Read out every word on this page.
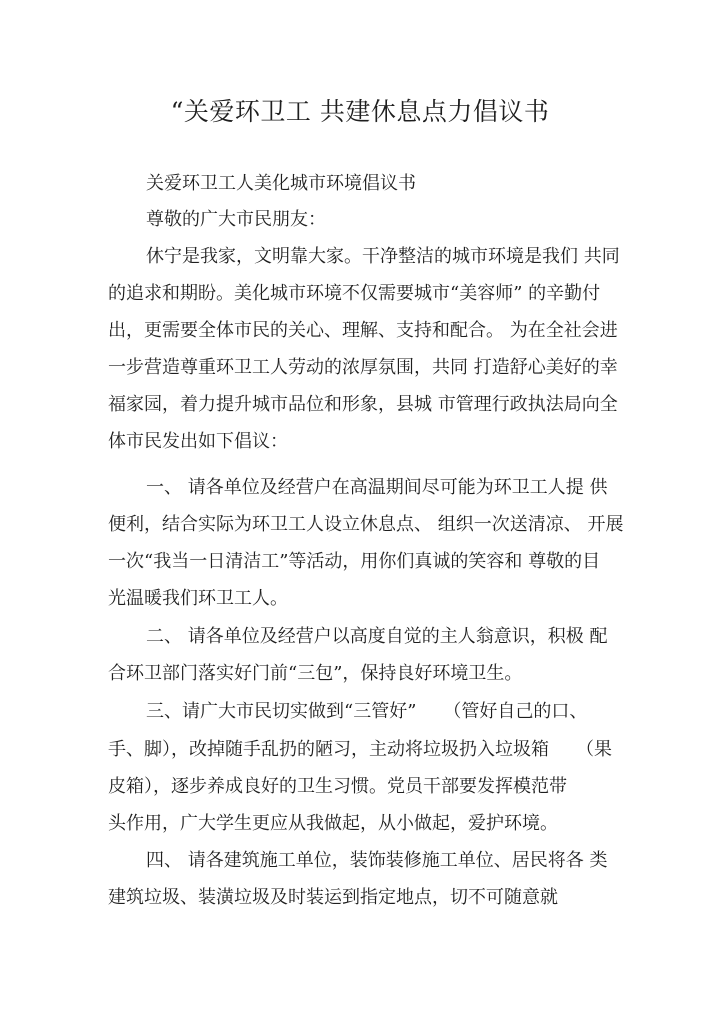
“关爱环卫工 共建休息点力倡议书
关爱环卫工人美化城市环境倡议书
尊敬的广大市民朋友：
休宁是我家，文明靠大家。干净整洁的城市环境是我们 共同
的追求和期盼。美化城市环境不仅需要城市“美容师” 的辛勤付
出，更需要全体市民的关心、理解、支持和配合。 为在全社会进
一步营造尊重环卫工人劳动的浓厚氛围，共同 打造舒心美好的幸
福家园，着力提升城市品位和形象，县城 市管理行政执法局向全
体市民发出如下倡议：
一、 请各单位及经营户在高温期间尽可能为环卫工人提 供
便利，结合实际为环卫工人设立休息点、 组织一次送清凉、 开展
一次“我当一日清洁工”等活动，用你们真诚的笑容和 尊敬的目
光温暖我们环卫工人。
二、 请各单位及经营户以高度自觉的主人翁意识，积极 配
合环卫部门落实好门前“三包”，保持良好环境卫生。
三、请广大市民切实做到“三管好”　　（管好自己的口、
手、脚），改掉随手乱扔的陋习，主动将垃圾扔入垃圾箱　　（果
皮箱），逐步养成良好的卫生习惯。党员干部要发挥模范带
头作用，广大学生更应从我做起，从小做起，爱护环境。
四、 请各建筑施工单位，装饰装修施工单位、居民将各 类
建筑垃圾、装潢垃圾及时装运到指定地点，切不可随意就
